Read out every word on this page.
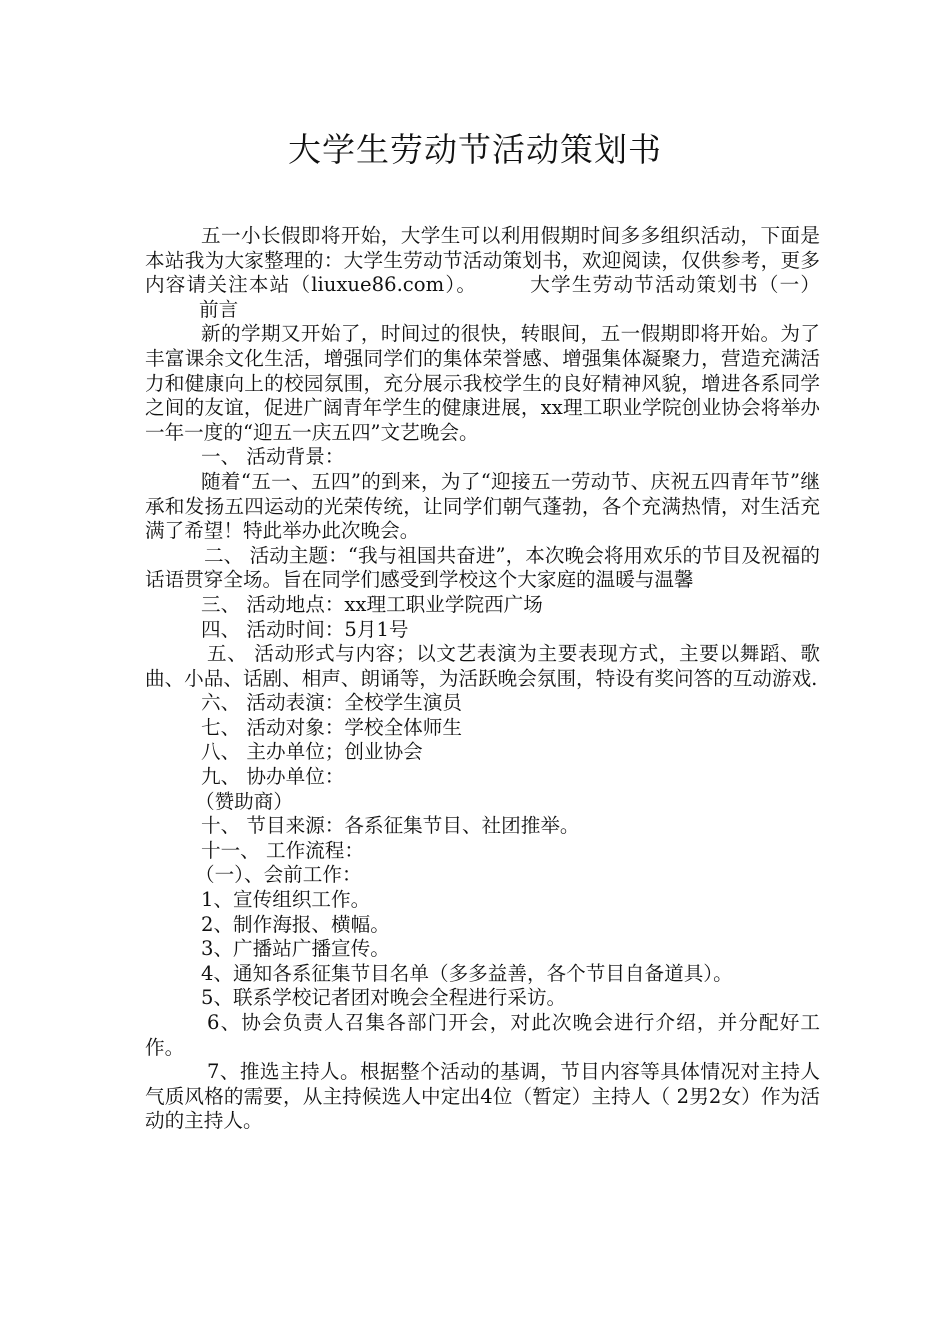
大学生劳动节活动策划书

五一小长假即将开始，大学生可以利用假期时间多多组织活动，下面是本站我为大家整理的：大学生劳动节活动策划书，欢迎阅读，仅供参考，更多内容请关注本站（liuxue86.com）。	大学生劳动节活动策划书（一）前言

新的学期又开始了，时间过的很快，转眼间，五一假期即将开始。为了丰富课余文化生活，增强同学们的集体荣誉感、增强集体凝聚力，营造充满活力和健康向上的校园氛围，充分展示我校学生的良好精神风貌，增进各系同学之间的友谊，促进广阔青年学生的健康进展，xx理工职业学院创业协会将举办一年一度的“迎五一庆五四”文艺晚会。

一、 活动背景：

随着“五一、五四”的到来，为了“迎接五一劳动节、庆祝五四青年节”继承和发扬五四运动的光荣传统，让同学们朝气蓬勃，各个充满热情，对生活充满了希望！特此举办此次晚会。

二、 活动主题：“我与祖国共奋进”，本次晚会将用欢乐的节目及祝福的话语贯穿全场。旨在同学们感受到学校这个大家庭的温暖与温馨

三、 活动地点：xx理工职业学院西广场

四、 活动时间：5月1号

五、 活动形式与内容；以文艺表演为主要表现方式，主要以舞蹈、歌曲、小品、话剧、相声、朗诵等，为活跃晚会氛围，特设有奖问答的互动游戏.

六、 活动表演：全校学生演员

七、 活动对象：学校全体师生

八、 主办单位；创业协会

九、 协办单位：

（赞助商）

十、 节目来源：各系征集节目、社团推举。

十一、 工作流程：

（一）、会前工作：

1、宣传组织工作。

2、制作海报、横幅。

3、广播站广播宣传。

4、通知各系征集节目名单（多多益善，各个节目自备道具）。

5、联系学校记者团对晚会全程进行采访。

6、协会负责人召集各部门开会，对此次晚会进行介绍，并分配好工作。

7、推选主持人。根据整个活动的基调，节目内容等具体情况对主持人气质风格的需要，从主持候选人中定出4位（暂定）主持人（ 2男2女）作为活动的主持人。
